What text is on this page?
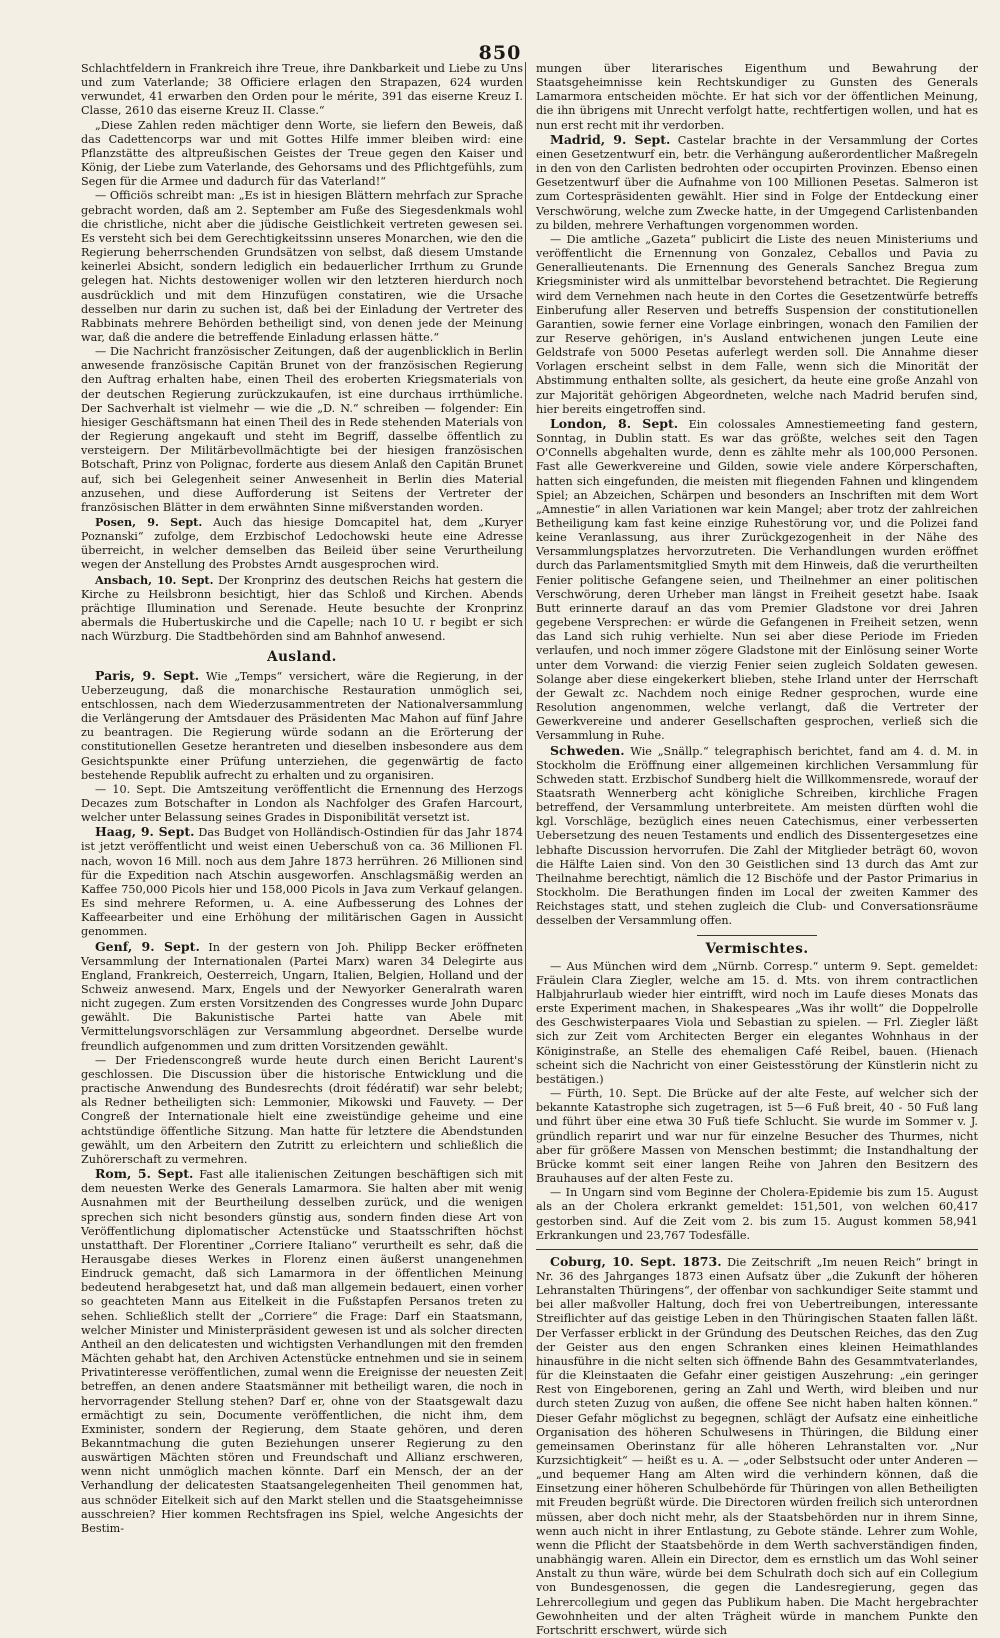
850

Schlachtfeldern in Frankreich ihre Treue, ihre Dankbarkeit und Liebe zu Uns und zum Vaterlande; 38 Officiere erlagen den Strapazen, 624 wurden verwundet, 41 erwarben den Orden pour le mérite, 391 das eiserne Kreuz I. Classe, 2610 das eiserne Kreuz II. Classe.“

„Diese Zahlen reden mächtiger denn Worte, sie liefern den Beweis, daß das Cadettencorps war und mit Gottes Hilfe immer bleiben wird: eine Pflanzstätte des altpreußischen Geistes der Treue gegen den Kaiser und König, der Liebe zum Vaterlande, des Gehorsams und des Pflichtgefühls, zum Segen für die Armee und dadurch für das Vaterland!“

— Officiös schreibt man: „Es ist in hiesigen Blättern mehrfach zur Sprache gebracht worden, daß am 2. September am Fuße des Siegesdenkmals wohl die christliche, nicht aber die jüdische Geistlichkeit vertreten gewesen sei. Es versteht sich bei dem Gerechtigkeitssinn unseres Monarchen, wie den die Regierung beherrschenden Grundsätzen von selbst, daß diesem Umstande keinerlei Absicht, sondern lediglich ein bedauerlicher Irrthum zu Grunde gelegen hat. Nichts destoweniger wollen wir den letzteren hierdurch noch ausdrücklich und mit dem Hinzufügen constatiren, wie die Ursache desselben nur darin zu suchen ist, daß bei der Einladung der Vertreter des Rabbinats mehrere Behörden betheiligt sind, von denen jede der Meinung war, daß die andere die betreffende Einladung erlassen hätte.“

— Die Nachricht französischer Zeitungen, daß der augenblicklich in Berlin anwesende französische Capitän Brunet von der französischen Regierung den Auftrag erhalten habe, einen Theil des eroberten Kriegsmaterials von der deutschen Regierung zurückzukaufen, ist eine durchaus irrthümliche. Der Sachverhalt ist vielmehr — wie die „D. N.“ schreiben — folgender: Ein hiesiger Geschäftsmann hat einen Theil des in Rede stehenden Materials von der Regierung angekauft und steht im Begriff, dasselbe öffentlich zu versteigern. Der Militärbevollmächtigte bei der hiesigen französischen Botschaft, Prinz von Polignac, forderte aus diesem Anlaß den Capitän Brunet auf, sich bei Gelegenheit seiner Anwesenheit in Berlin dies Material anzusehen, und diese Aufforderung ist Seitens der Vertreter der französischen Blätter in dem erwähnten Sinne mißverstanden worden.

Posen, 9. Sept. Auch das hiesige Domcapitel hat, dem „Kuryer Poznanski“ zufolge, dem Erzbischof Ledochowski heute eine Adresse überreicht, in welcher demselben das Beileid über seine Verurtheilung wegen der Anstellung des Probstes Arndt ausgesprochen wird.

Ansbach, 10. Sept. Der Kronprinz des deutschen Reichs hat gestern die Kirche zu Heilsbronn besichtigt, hier das Schloß und Kirchen. Abends prächtige Illumination und Serenade. Heute besuchte der Kronprinz abermals die Hubertuskirche und die Capelle; nach 10 U. r begibt er sich nach Würzburg. Die Stadtbehörden sind am Bahnhof anwesend.

Ausland.

Paris, 9. Sept. Wie „Temps“ versichert, wäre die Regierung, in der Ueberzeugung, daß die monarchische Restauration unmöglich sei, entschlossen, nach dem Wiederzusammentreten der Nationalversammlung die Verlängerung der Amtsdauer des Präsidenten Mac Mahon auf fünf Jahre zu beantragen. Die Regierung würde sodann an die Erörterung der constitutionellen Gesetze herantreten und dieselben insbesondere aus dem Gesichtspunkte einer Prüfung unterziehen, die gegenwärtig de facto bestehende Republik aufrecht zu erhalten und zu organisiren.

— 10. Sept. Die Amtszeitung veröffentlicht die Ernennung des Herzogs Decazes zum Botschafter in London als Nachfolger des Grafen Harcourt, welcher unter Belassung seines Grades in Disponibilität versetzt ist.

Haag, 9. Sept. Das Budget von Holländisch-Ostindien für das Jahr 1874 ist jetzt veröffentlicht und weist einen Ueberschuß von ca. 36 Millionen Fl. nach, wovon 16 Mill. noch aus dem Jahre 1873 herrühren. 26 Millionen sind für die Expedition nach Atschin ausgeworfen. Anschlagsmäßig werden an Kaffee 750,000 Picols hier und 158,000 Picols in Java zum Verkauf gelangen. Es sind mehrere Reformen, u. A. eine Aufbesserung des Lohnes der Kaffeearbeiter und eine Erhöhung der militärischen Gagen in Aussicht genommen.

Genf, 9. Sept. In der gestern von Joh. Philipp Becker eröffneten Versammlung der Internationalen (Partei Marx) waren 34 Delegirte aus England, Frankreich, Oesterreich, Ungarn, Italien, Belgien, Holland und der Schweiz anwesend. Marx, Engels und der Newyorker Generalrath waren nicht zugegen. Zum ersten Vorsitzenden des Congresses wurde John Duparc gewählt. Die Bakunistische Partei hatte van Abele mit Vermittelungsvorschlägen zur Versammlung abgeordnet. Derselbe wurde freundlich aufgenommen und zum dritten Vorsitzenden gewählt.

— Der Friedenscongreß wurde heute durch einen Bericht Laurent's geschlossen. Die Discussion über die historische Entwicklung und die practische Anwendung des Bundesrechts (droit fédératif) war sehr belebt; als Redner betheiligten sich: Lemmonier, Mikowski und Fauvety. — Der Congreß der Internationale hielt eine zweistündige geheime und eine achtstündige öffentliche Sitzung. Man hatte für letztere die Abendstunden gewählt, um den Arbeitern den Zutritt zu erleichtern und schließlich die Zuhörerschaft zu vermehren.

Rom, 5. Sept. Fast alle italienischen Zeitungen beschäftigen sich mit dem neuesten Werke des Generals Lamarmora. Sie halten aber mit wenig Ausnahmen mit der Beurtheilung desselben zurück, und die wenigen sprechen sich nicht besonders günstig aus, sondern finden diese Art von Veröffentlichung diplomatischer Actenstücke und Staatsschriften höchst unstatthaft. Der Florentiner „Corriere Italiano“ verurtheilt es sehr, daß die Herausgabe dieses Werkes in Florenz einen äußerst unangenehmen Eindruck gemacht, daß sich Lamarmora in der öffentlichen Meinung bedeutend herabgesetzt hat, und daß man allgemein bedauert, einen vorher so geachteten Mann aus Eitelkeit in die Fußstapfen Persanos treten zu sehen. Schließlich stellt der „Corriere“ die Frage: Darf ein Staatsmann, welcher Minister und Ministerpräsident gewesen ist und als solcher directen Antheil an den delicatesten und wichtigsten Verhandlungen mit den fremden Mächten gehabt hat, den Archiven Actenstücke entnehmen und sie in seinem Privatinteresse veröffentlichen, zumal wenn die Ereignisse der neuesten Zeit betreffen, an denen andere Staatsmänner mit betheiligt waren, die noch in hervorragender Stellung stehen? Darf er, ohne von der Staatsgewalt dazu ermächtigt zu sein, Documente veröffentlichen, die nicht ihm, dem Exminister, sondern der Regierung, dem Staate gehören, und deren Bekanntmachung die guten Beziehungen unserer Regierung zu den auswärtigen Mächten stören und Freundschaft und Allianz erschweren, wenn nicht unmöglich machen könnte. Darf ein Mensch, der an der Verhandlung der delicatesten Staatsangelegenheiten Theil genommen hat, aus schnöder Eitelkeit sich auf den Markt stellen und die Staatsgeheimnisse ausschreien? Hier kommen Rechtsfragen ins Spiel, welche Angesichts der Bestim-

mungen über literarisches Eigenthum und Bewahrung der Staatsgeheimnisse kein Rechtskundiger zu Gunsten des Generals Lamarmora entscheiden möchte. Er hat sich vor der öffentlichen Meinung, die ihn übrigens mit Unrecht verfolgt hatte, rechtfertigen wollen, und hat es nun erst recht mit ihr verdorben.

Madrid, 9. Sept. Castelar brachte in der Versammlung der Cortes einen Gesetzentwurf ein, betr. die Verhängung außerordentlicher Maßregeln in den von den Carlisten bedrohten oder occupirten Provinzen. Ebenso einen Gesetzentwurf über die Aufnahme von 100 Millionen Pesetas. Salmeron ist zum Cortespräsidenten gewählt. Hier sind in Folge der Entdeckung einer Verschwörung, welche zum Zwecke hatte, in der Umgegend Carlistenbanden zu bilden, mehrere Verhaftungen vorgenommen worden.

— Die amtliche „Gazeta“ publicirt die Liste des neuen Ministeriums und veröffentlicht die Ernennung von Gonzalez, Ceballos und Pavia zu Generallieutenants. Die Ernennung des Generals Sanchez Bregua zum Kriegsminister wird als unmittelbar bevorstehend betrachtet. Die Regierung wird dem Vernehmen nach heute in den Cortes die Gesetzentwürfe betreffs Einberufung aller Reserven und betreffs Suspension der constitutionellen Garantien, sowie ferner eine Vorlage einbringen, wonach den Familien der zur Reserve gehörigen, in's Ausland entwichenen jungen Leute eine Geldstrafe von 5000 Pesetas auferlegt werden soll. Die Annahme dieser Vorlagen erscheint selbst in dem Falle, wenn sich die Minorität der Abstimmung enthalten sollte, als gesichert, da heute eine große Anzahl von zur Majorität gehörigen Abgeordneten, welche nach Madrid berufen sind, hier bereits eingetroffen sind.

London, 8. Sept. Ein colossales Amnestiemeeting fand gestern, Sonntag, in Dublin statt. Es war das größte, welches seit den Tagen O'Connells abgehalten wurde, denn es zählte mehr als 100,000 Personen. Fast alle Gewerkvereine und Gilden, sowie viele andere Körperschaften, hatten sich eingefunden, die meisten mit fliegenden Fahnen und klingendem Spiel; an Abzeichen, Schärpen und besonders an Inschriften mit dem Wort „Amnestie“ in allen Variationen war kein Mangel; aber trotz der zahlreichen Betheiligung kam fast keine einzige Ruhestörung vor, und die Polizei fand keine Veranlassung, aus ihrer Zurückgezogenheit in der Nähe des Versammlungsplatzes hervorzutreten. Die Verhandlungen wurden eröffnet durch das Parlamentsmitglied Smyth mit dem Hinweis, daß die verurtheilten Fenier politische Gefangene seien, und Theilnehmer an einer politischen Verschwörung, deren Urheber man längst in Freiheit gesetzt habe. Isaak Butt erinnerte darauf an das vom Premier Gladstone vor drei Jahren gegebene Versprechen: er würde die Gefangenen in Freiheit setzen, wenn das Land sich ruhig verhielte. Nun sei aber diese Periode im Frieden verlaufen, und noch immer zögere Gladstone mit der Einlösung seiner Worte unter dem Vorwand: die vierzig Fenier seien zugleich Soldaten gewesen. Solange aber diese eingekerkert blieben, stehe Irland unter der Herrschaft der Gewalt zc. Nachdem noch einige Redner gesprochen, wurde eine Resolution angenommen, welche verlangt, daß die Vertreter der Gewerkvereine und anderer Gesellschaften gesprochen, verließ sich die Versammlung in Ruhe.

Schweden. Wie „Snällp.“ telegraphisch berichtet, fand am 4. d. M. in Stockholm die Eröffnung einer allgemeinen kirchlichen Versammlung für Schweden statt. Erzbischof Sundberg hielt die Willkommensrede, worauf der Staatsrath Wennerberg acht königliche Schreiben, kirchliche Fragen betreffend, der Versammlung unterbreitete. Am meisten dürften wohl die kgl. Vorschläge, bezüglich eines neuen Catechismus, einer verbesserten Uebersetzung des neuen Testaments und endlich des Dissentergesetzes eine lebhafte Discussion hervorrufen. Die Zahl der Mitglieder beträgt 60, wovon die Hälfte Laien sind. Von den 30 Geistlichen sind 13 durch das Amt zur Theilnahme berechtigt, nämlich die 12 Bischöfe und der Pastor Primarius in Stockholm. Die Berathungen finden im Local der zweiten Kammer des Reichstages statt, und stehen zugleich die Club- und Conversationsräume desselben der Versammlung offen.

Vermischtes.

— Aus München wird dem „Nürnb. Corresp.“ unterm 9. Sept. gemeldet: Fräulein Clara Ziegler, welche am 15. d. Mts. von ihrem contractlichen Halbjahrurlaub wieder hier eintrifft, wird noch im Laufe dieses Monats das erste Experiment machen, in Shakespeares „Was ihr wollt“ die Doppelrolle des Geschwisterpaares Viola und Sebastian zu spielen. — Frl. Ziegler läßt sich zur Zeit vom Architecten Berger ein elegantes Wohnhaus in der Königinstraße, an Stelle des ehemaligen Café Reibel, bauen. (Hienach scheint sich die Nachricht von einer Geistesstörung der Künstlerin nicht zu bestätigen.)

— Fürth, 10. Sept. Die Brücke auf der alte Feste, auf welcher sich der bekannte Katastrophe sich zugetragen, ist 5—6 Fuß breit, 40 - 50 Fuß lang und führt über eine etwa 30 Fuß tiefe Schlucht. Sie wurde im Sommer v. J. gründlich reparirt und war nur für einzelne Besucher des Thurmes, nicht aber für größere Massen von Menschen bestimmt; die Instandhaltung der Brücke kommt seit einer langen Reihe von Jahren den Besitzern des Brauhauses auf der alten Feste zu.

— In Ungarn sind vom Beginne der Cholera-Epidemie bis zum 15. August als an der Cholera erkrankt gemeldet: 151,501, von welchen 60,417 gestorben sind. Auf die Zeit vom 2. bis zum 15. August kommen 58,941 Erkrankungen und 23,767 Todesfälle.

Coburg, 10. Sept. 1873. Die Zeitschrift „Im neuen Reich“ bringt in Nr. 36 des Jahrganges 1873 einen Aufsatz über „die Zukunft der höheren Lehranstalten Thüringens“, der offenbar von sachkundiger Seite stammt und bei aller maßvoller Haltung, doch frei von Uebertreibungen, interessante Streiflichter auf das geistige Leben in den Thüringischen Staaten fallen läßt. Der Verfasser erblickt in der Gründung des Deutschen Reiches, das den Zug der Geister aus den engen Schranken eines kleinen Heimathlandes hinausführe in die nicht selten sich öffnende Bahn des Gesammtvaterlandes, für die Kleinstaaten die Gefahr einer geistigen Auszehrung: „ein geringer Rest von Eingeborenen, gering an Zahl und Werth, wird bleiben und nur durch steten Zuzug von außen, die offene See nicht haben halten können.“ Dieser Gefahr möglichst zu begegnen, schlägt der Aufsatz eine einheitliche Organisation des höheren Schulwesens in Thüringen, die Bildung einer gemeinsamen Oberinstanz für alle höheren Lehranstalten vor. „Nur Kurzsichtigkeit“ — heißt es u. A. — „oder Selbstsucht oder unter Anderen — „und bequemer Hang am Alten wird die verhindern können, daß die Einsetzung einer höheren Schulbehörde für Thüringen von allen Betheiligten mit Freuden begrüßt würde. Die Directoren würden freilich sich unterordnen müssen, aber doch nicht mehr, als der Staatsbehörden nur in ihrem Sinne, wenn auch nicht in ihrer Entlastung, zu Gebote stände. Lehrer zum Wohle, wenn die Pflicht der Staatsbehörde in dem Werth sachverständigen finden, unabhängig waren. Allein ein Director, dem es ernstlich um das Wohl seiner Anstalt zu thun wäre, würde bei dem Schulrath doch sich auf ein Collegium von Bundesgenossen, die gegen die Landesregierung, gegen das Lehrercollegium und gegen das Publikum haben. Die Macht hergebrachter Gewohnheiten und der alten Trägheit würde in manchem Punkte den Fortschritt erschwert, würde sich
